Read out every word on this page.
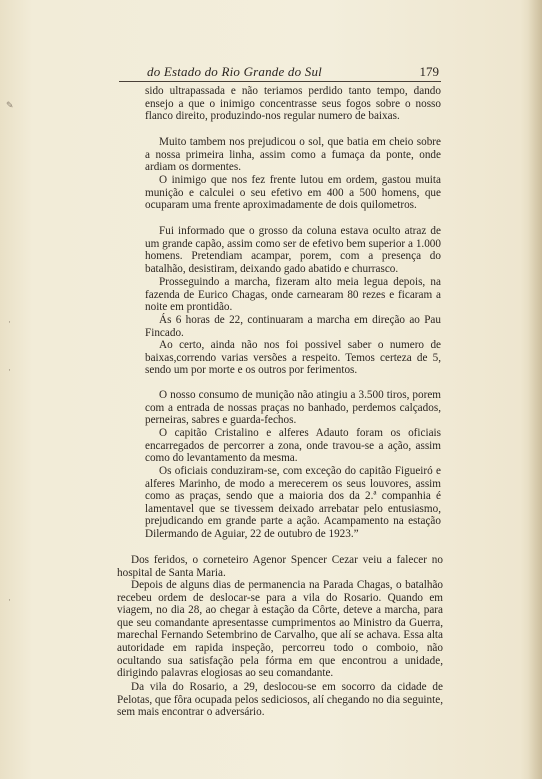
do Estado do Rio Grande do Sul	179

sido ultrapassada e não teriamos perdido tanto tempo, dando ensejo a que o inimigo concentrasse seus fogos sobre o nosso flanco direito, produzindo-nos regular numero de baixas.

Muito tambem nos prejudicou o sol, que batia em cheio sobre a nossa primeira linha, assim como a fumaça da ponte, onde ardiam os dormentes.

O inimigo que nos fez frente lutou em ordem, gastou muita munição e calculei o seu efetivo em 400 a 500 homens, que ocuparam uma frente aproximadamente de dois quilometros.

Fui informado que o grosso da coluna estava oculto atraz de um grande capão, assim como ser de efetivo bem superior a 1.000 homens. Pretendiam acampar, porem, com a presença do batalhão, desistiram, deixando gado abatido e churrasco.

Prosseguindo a marcha, fizeram alto meia legua depois, na fazenda de Eurico Chagas, onde carnearam 80 rezes e ficaram a noite em prontidão.

Ás 6 horas de 22, continuaram a marcha em direção ao Pau Fincado.

Ao certo, ainda não nos foi possivel saber o numero de baixas,correndo varias versões a respeito. Temos certeza de 5, sendo um por morte e os outros por ferimentos.

O nosso consumo de munição não atingiu a 3.500 tiros, porem com a entrada de nossas praças no banhado, perdemos calçados, perneiras, sabres e guarda-fechos.

O capitão Cristalino e alferes Adauto foram os oficiais encarregados de percorrer a zona, onde travou-se a ação, assim como do levantamento da mesma.

Os oficiais conduziram-se, com exceção do capitão Figueiró e alferes Marinho, de modo a merecerem os seus louvores, assim como as praças, sendo que a maioria dos da 2.ª companhia é lamentavel que se tivessem deixado arrebatar pelo entusiasmo, prejudicando em grande parte a ação. Acampamento na estação Dilermando de Aguiar, 22 de outubro de 1923.”

Dos feridos, o corneteiro Agenor Spencer Cezar veiu a falecer no hospital de Santa Maria.

Depois de alguns dias de permanencia na Parada Chagas, o batalhão recebeu ordem de deslocar-se para a vila do Rosario. Quando em viagem, no dia 28, ao chegar à estação da Côrte, deteve a marcha, para que seu comandante apresentasse cumprimentos ao Ministro da Guerra, marechal Fernando Setembrino de Carvalho, que alí se achava. Essa alta autoridade em rapida inspeção, percorreu todo o comboio, não ocultando sua satisfação pela fórma em que encontrou a unidade, dirigindo palavras elogiosas ao seu comandante.

Da vila do Rosario, a 29, deslocou-se em socorro da cidade de Pelotas, que fôra ocupada pelos sediciosos, alí chegando no dia seguinte, sem mais encontrar o adversário.

✎
·
·
·
